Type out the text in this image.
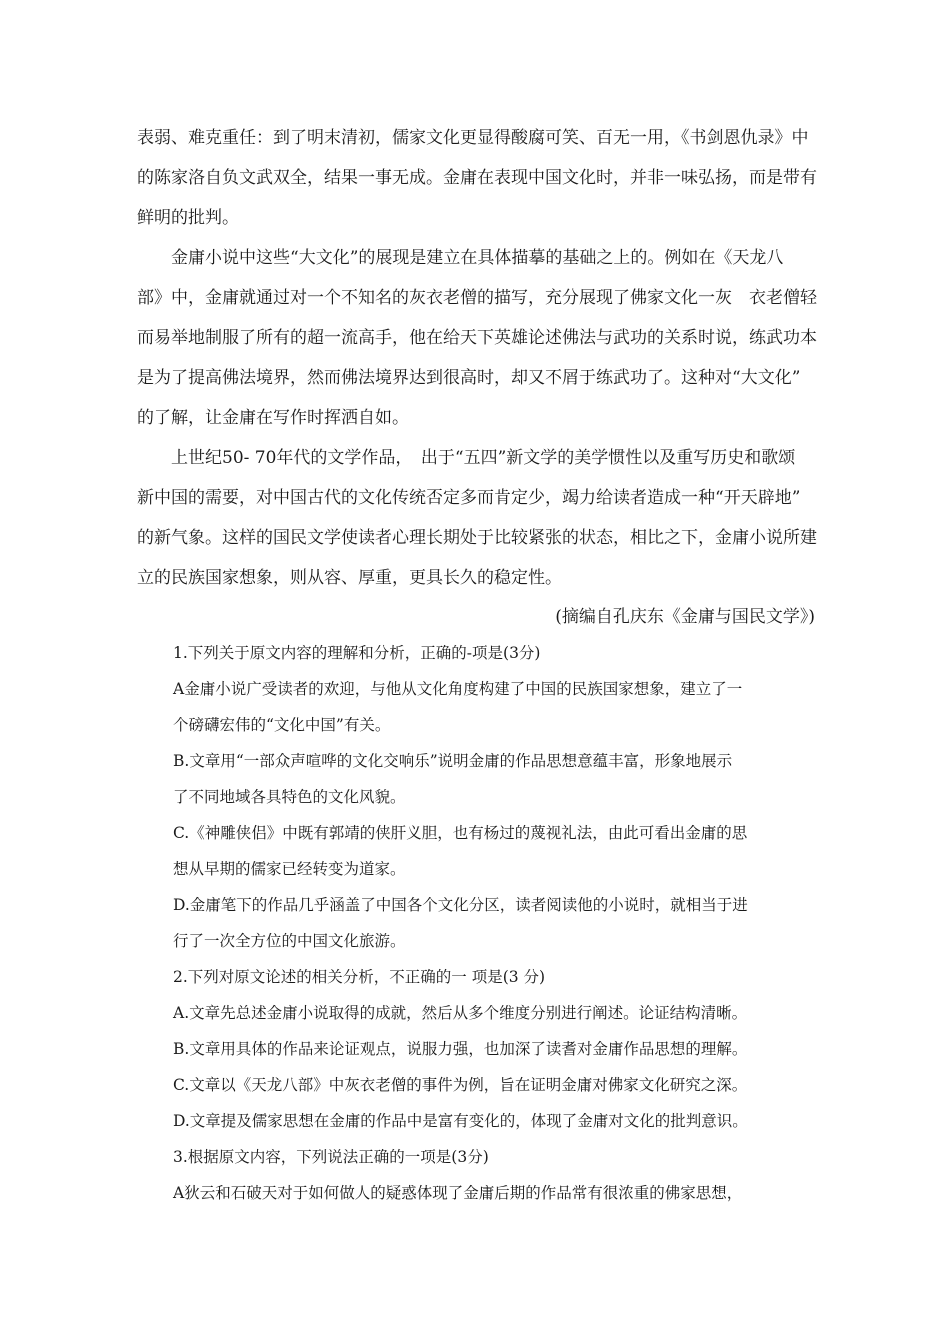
表弱、难克重任：到了明末清初，儒家文化更显得酸腐可笑、百无一用，《书剑恩仇录》中
的陈家洛自负文武双全，结果一事无成。金庸在表现中国文化时，并非一味弘扬，而是带有
鲜明的批判。
　　金庸小说中这些“大文化”的展现是建立在具体描摹的基础之上的。例如在《天龙八
部》中，金庸就通过对一个不知名的灰衣老僧的描写，充分展现了佛家文化一灰　衣老僧轻
而易举地制服了所有的超一流高手，他在给天下英雄论述佛法与武功的关系时说，练武功本
是为了提高佛法境界，然而佛法境界达到很高时，却又不屑于练武功了。这种对“大文化”
的了解，让金庸在写作时挥洒自如。
　　上世纪50- 70年代的文学作品，　出于“五四”新文学的美学惯性以及重写历史和歌颂
新中国的需要，对中国古代的文化传统否定多而肯定少，竭力给读者造成一种“开天辟地”
的新气象。这样的国民文学使读者心理长期处于比较紧张的状态，相比之下，金庸小说所建
立的民族国家想象，则从容、厚重，更具长久的稳定性。
(摘编自孔庆东《金庸与国民文学》)
1.下列关于原文内容的理解和分析，正确的-项是(3分)
A金庸小说广受读者的欢迎，与他从文化角度构建了中国的民族国家想象，建立了一
个磅礴宏伟的“文化中国”有关。
B.文章用“一部众声喧哗的文化交响乐”说明金庸的作品思想意蕴丰富，形象地展示
了不同地域各具特色的文化风貌。
C.《神雕侠侣》中既有郭靖的侠肝义胆，也有杨过的蔑视礼法，由此可看出金庸的思
想从早期的儒家已经转变为道家。
D.金庸笔下的作品几乎涵盖了中国各个文化分区，读者阅读他的小说时，就相当于进
行了一次全方位的中国文化旅游。
2.下列对原文论述的相关分析，不正确的一 项是(3 分)
A.文章先总述金庸小说取得的成就，然后从多个维度分别进行阐述。论证结构清晰。
B.文章用具体的作品来论证观点，说服力强，也加深了读耆对金庸作品思想的理解。
C.文章以《天龙八部》中灰衣老僧的事件为例，旨在证明金庸对佛家文化研究之深。
D.文章提及儒家思想在金庸的作品中是富有变化的，体现了金庸对文化的批判意识。
3.根据原文内容，下列说法正确的一项是(3分)
A狄云和石破天对于如何做人的疑惑体现了金庸后期的作品常有很浓重的佛家思想，
